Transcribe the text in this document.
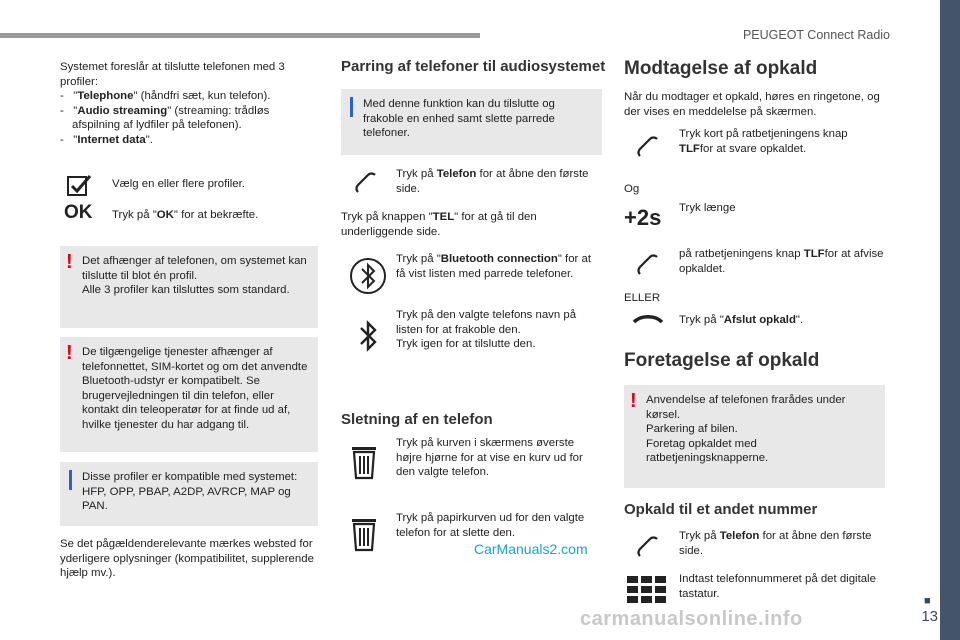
PEUGEOT Connect Radio
■
13

Systemet foreslår at tilslutte telefonen med 3 profiler:

- "Telephone" (håndfri sæt, kun telefon).
- "Audio streaming" (streaming: trådløs afspilning af lydfiler på telefonen).
- "Internet data".
Vælg en eller flere profiler.
OK Tryk på "OK" for at bekræfte.
! Det afhænger af telefonen, om systemet kan tilslutte til blot én profil.

Alle 3 profiler kan tilsluttes som standard.

! De tilgængelige tjenester afhænger af telefonnettet, SIM-kortet og om det anvendte Bluetooth-udstyr er kompatibelt. Se brugervejledningen til din telefon, eller kontakt din teleoperatør for at finde ud af, hvilke tjenester du har adgang til.
Disse profiler er kompatible med systemet: HFP, OPP, PBAP, A2DP, AVRCP, MAP og PAN.
Se det pågældenderelevante mærkes websted for yderligere oplysninger (kompatibilitet, supplerende hjælp mv.).
Parring af telefoner til audiosystemet
Med denne funktion kan du tilslutte og frakoble en enhed samt slette parrede telefoner.
Tryk på Telefon for at åbne den første side.
Tryk på knappen "TEL" for at gå til den underliggende side.
Tryk på "Bluetooth connection" for at få vist listen med parrede telefoner.

Tryk på den valgte telefons navn på listen for at frakoble den.

Tryk igen for at tilslutte den.

Sletning af en telefon
Tryk på kurven i skærmens øverste højre hjørne for at vise en kurv ud for den valgte telefon.
Tryk på papirkurven ud for den valgte telefon for at slette den.
Modtagelse af opkald
Når du modtager et opkald, høres en ringetone, og der vises en meddelelse på skærmen.
Tryk kort på ratbetjeningens knap TLFfor at svare opkaldet.
Og
+2s Tryk længe
på ratbetjeningens knap TLFfor at afvise opkaldet.
ELLER
Tryk på "Afslut opkald".
Foretagelse af opkald
! Anvendelse af telefonen frarådes under kørsel.

Parkering af bilen.

Foretag opkaldet med ratbetjeningsknapperne.

Opkald til et andet nummer
Tryk på Telefon for at åbne den første side.
Indtast telefonnummeret på det digitale tastatur.
CarManuals2.com
carmanualsonline.info
